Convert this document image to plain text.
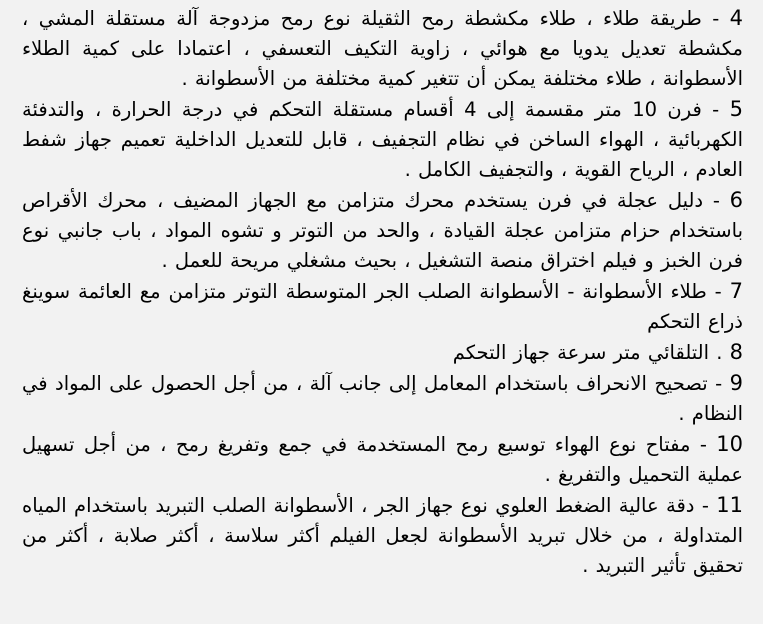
4 - طريقة طلاء ، طلاء مكشطة رمح الثقيلة نوع رمح مزدوجة آلة مستقلة المشي ، مكشطة تعديل يدويا مع هوائي ، زاوية التكيف التعسفي ، اعتمادا على كمية الطلاء الأسطوانة ، طلاء مختلفة يمكن أن تتغير كمية مختلفة من الأسطوانة .

5 - فرن 10 متر مقسمة إلى 4 أقسام مستقلة التحكم في درجة الحرارة ، والتدفئة الكهربائية ، الهواء الساخن في نظام التجفيف ، قابل للتعديل الداخلية تعميم جهاز شفط العادم ، الرياح القوية ، والتجفيف الكامل .

6 - دليل عجلة في فرن يستخدم محرك متزامن مع الجهاز المضيف ، محرك الأقراص باستخدام حزام متزامن عجلة القيادة ، والحد من التوتر و تشوه المواد ، باب جانبي نوع فرن الخبز و فيلم اختراق منصة التشغيل ، بحيث مشغلي مريحة للعمل .

7 - طلاء الأسطوانة - الأسطوانة الصلب الجر المتوسطة التوتر متزامن مع العائمة سوينغ ذراع التحكم

8 . التلقائي متر سرعة جهاز التحكم

9 - تصحيح الانحراف باستخدام المعامل إلى جانب آلة ، من أجل الحصول على المواد في النظام .

10 - مفتاح نوع الهواء توسيع رمح المستخدمة في جمع وتفريغ رمح ، من أجل تسهيل عملية التحميل والتفريغ .

11 - دقة عالية الضغط العلوي نوع جهاز الجر ، الأسطوانة الصلب التبريد باستخدام المياه المتداولة ، من خلال تبريد الأسطوانة لجعل الفيلم أكثر سلاسة ، أكثر صلابة ، أكثر من تحقيق تأثير التبريد .
